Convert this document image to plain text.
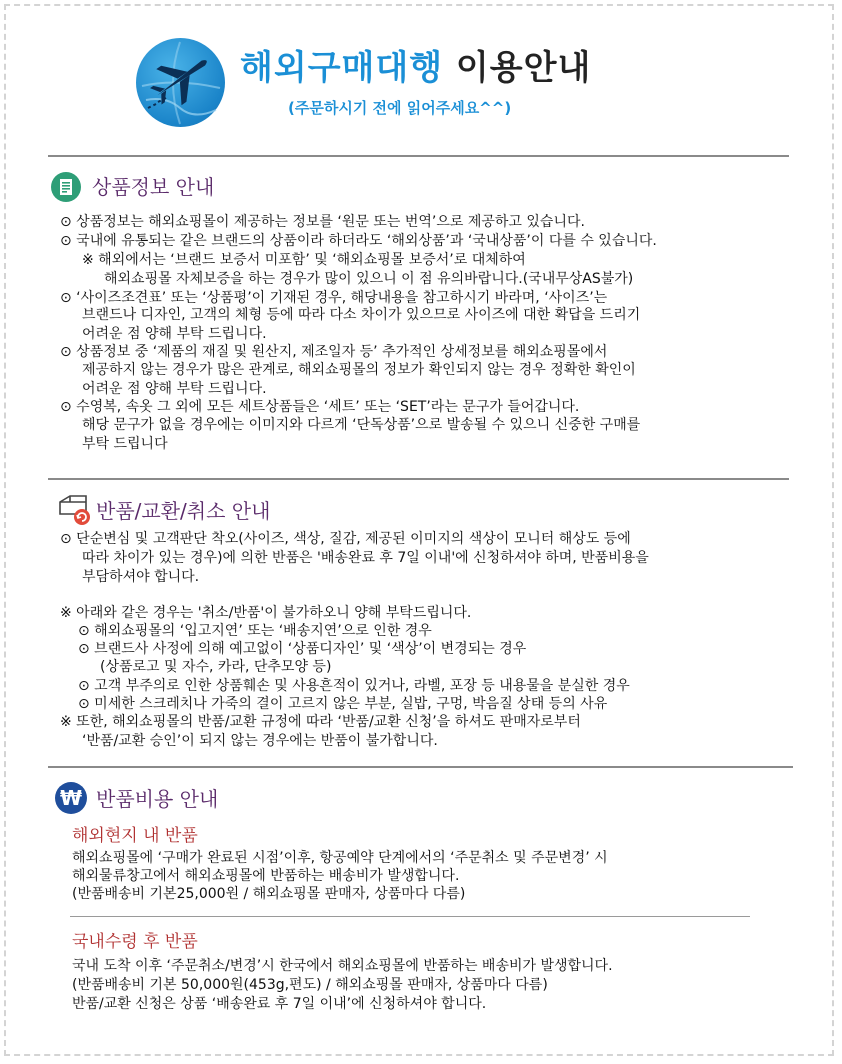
해외구매대행 이용안내
(주문하시기 전에 읽어주세요^^)
상품정보 안내
⊙ 상품정보는 해외쇼핑몰이 제공하는 정보를 ‘원문 또는 번역’으로 제공하고 있습니다.
⊙ 국내에 유통되는 같은 브랜드의 상품이라 하더라도 ‘해외상품’과 ‘국내상품’이 다를 수 있습니다.
※ 해외에서는 ‘브랜드 보증서 미포함’ 및 ‘해외쇼핑몰 보증서’로 대체하여
해외쇼핑몰 자체보증을 하는 경우가 많이 있으니 이 점 유의바랍니다.(국내무상AS불가)
⊙ ‘사이즈조견표’ 또는 ‘상품평’이 기재된 경우, 해당내용을 참고하시기 바라며, ‘사이즈’는
브랜드나 디자인, 고객의 체형 등에 따라 다소 차이가 있으므로 사이즈에 대한 확답을 드리기
어려운 점 양해 부탁 드립니다.
⊙ 상품정보 중 ‘제품의 재질 및 원산지, 제조일자 등’ 추가적인 상세정보를 해외쇼핑몰에서
제공하지 않는 경우가 많은 관계로, 해외쇼핑몰의 정보가 확인되지 않는 경우 정확한 확인이
어려운 점 양해 부탁 드립니다.
⊙ 수영복, 속옷 그 외에 모든 세트상품들은 ‘세트’ 또는 ‘SET’라는 문구가 들어갑니다.
해당 문구가 없을 경우에는 이미지와 다르게 ‘단독상품’으로 발송될 수 있으니 신중한 구매를
부탁 드립니다
반품/교환/취소 안내
⊙ 단순변심 및 고객판단 착오(사이즈, 색상, 질감, 제공된 이미지의 색상이 모니터 해상도 등에
따라 차이가 있는 경우)에 의한 반품은 '배송완료 후 7일 이내'에 신청하셔야 하며, 반품비용을
부담하셔야 합니다.
※ 아래와 같은 경우는 '취소/반품'이 불가하오니 양해 부탁드립니다.
⊙ 해외쇼핑몰의 ‘입고지연’ 또는 ‘배송지연’으로 인한 경우
⊙ 브랜드사 사정에 의해 예고없이 ‘상품디자인’ 및 ‘색상’이 변경되는 경우
(상품로고 및 자수, 카라, 단추모양 등)
⊙ 고객 부주의로 인한 상품훼손 및 사용흔적이 있거나, 라벨, 포장 등 내용물을 분실한 경우
⊙ 미세한 스크레치나 가죽의 결이 고르지 않은 부분, 실밥, 구멍, 박음질 상태 등의 사유
※ 또한, 해외쇼핑몰의 반품/교환 규정에 따라 ‘반품/교환 신청’을 하셔도 판매자로부터
‘반품/교환 승인’이 되지 않는 경우에는 반품이 불가합니다.
₩ 반품비용 안내
해외현지 내 반품
해외쇼핑몰에 ‘구매가 완료된 시점’이후, 항공예약 단계에서의 ‘주문취소 및 주문변경’ 시
해외물류창고에서 해외쇼핑몰에 반품하는 배송비가 발생합니다.
(반품배송비 기본25,000원 / 해외쇼핑몰 판매자, 상품마다 다름)
국내수령 후 반품
국내 도착 이후 ‘주문취소/변경’시 한국에서 해외쇼핑몰에 반품하는 배송비가 발생합니다.
(반품배송비 기본 50,000원(453g,편도) / 해외쇼핑몰 판매자, 상품마다 다름)
반품/교환 신청은 상품 ‘배송완료 후 7일 이내’에 신청하셔야 합니다.
